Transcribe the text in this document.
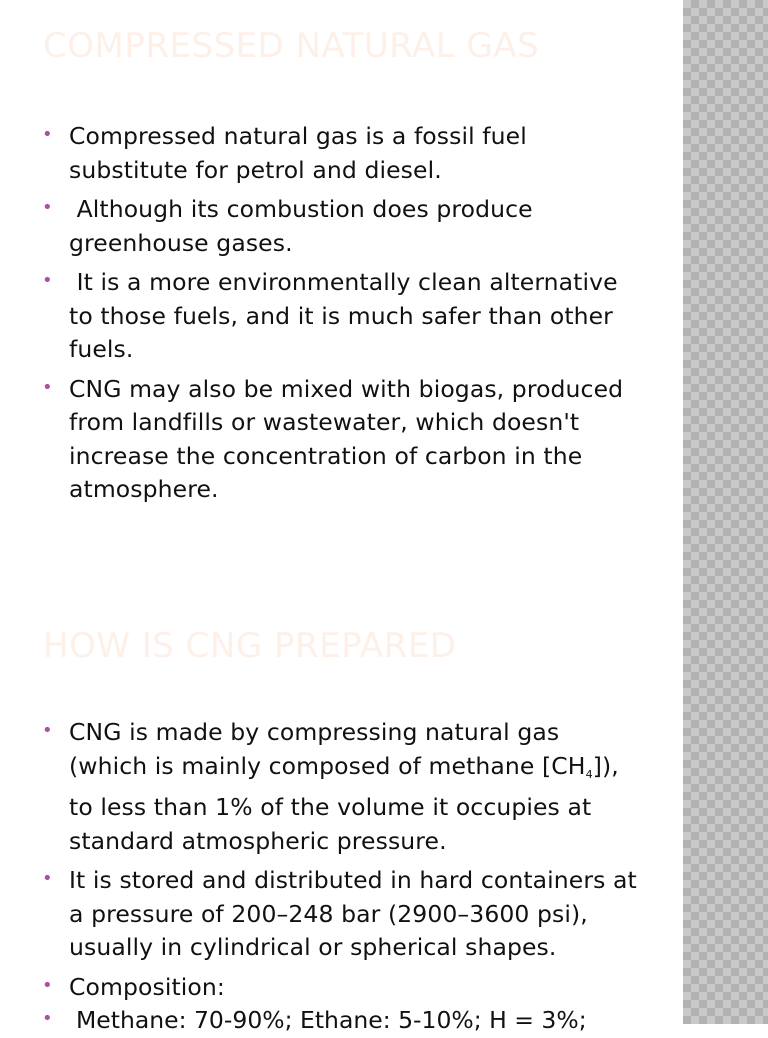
COMPRESSED NATURAL GAS
• Compressed natural gas is a fossil fuel substitute for petrol and diesel.
• Although its combustion does produce greenhouse gases.
• It is a more environmentally clean alternative to those fuels, and it is much safer than other fuels.
• CNG may also be mixed with biogas, produced from landfills or wastewater, which doesn't increase the concentration of carbon in the atmosphere.
HOW IS CNG PREPARED
• CNG is made by compressing natural gas (which is mainly composed of methane $[CH_4]$), to less than 1% of the volume it occupies at standard atmospheric pressure.
• It is stored and distributed in hard containers at a pressure of 200–248 bar (2900–3600 psi), usually in cylindrical or spherical shapes.
• Composition:
• Methane: 70-90%; Ethane: 5-10%; H = 3%;
